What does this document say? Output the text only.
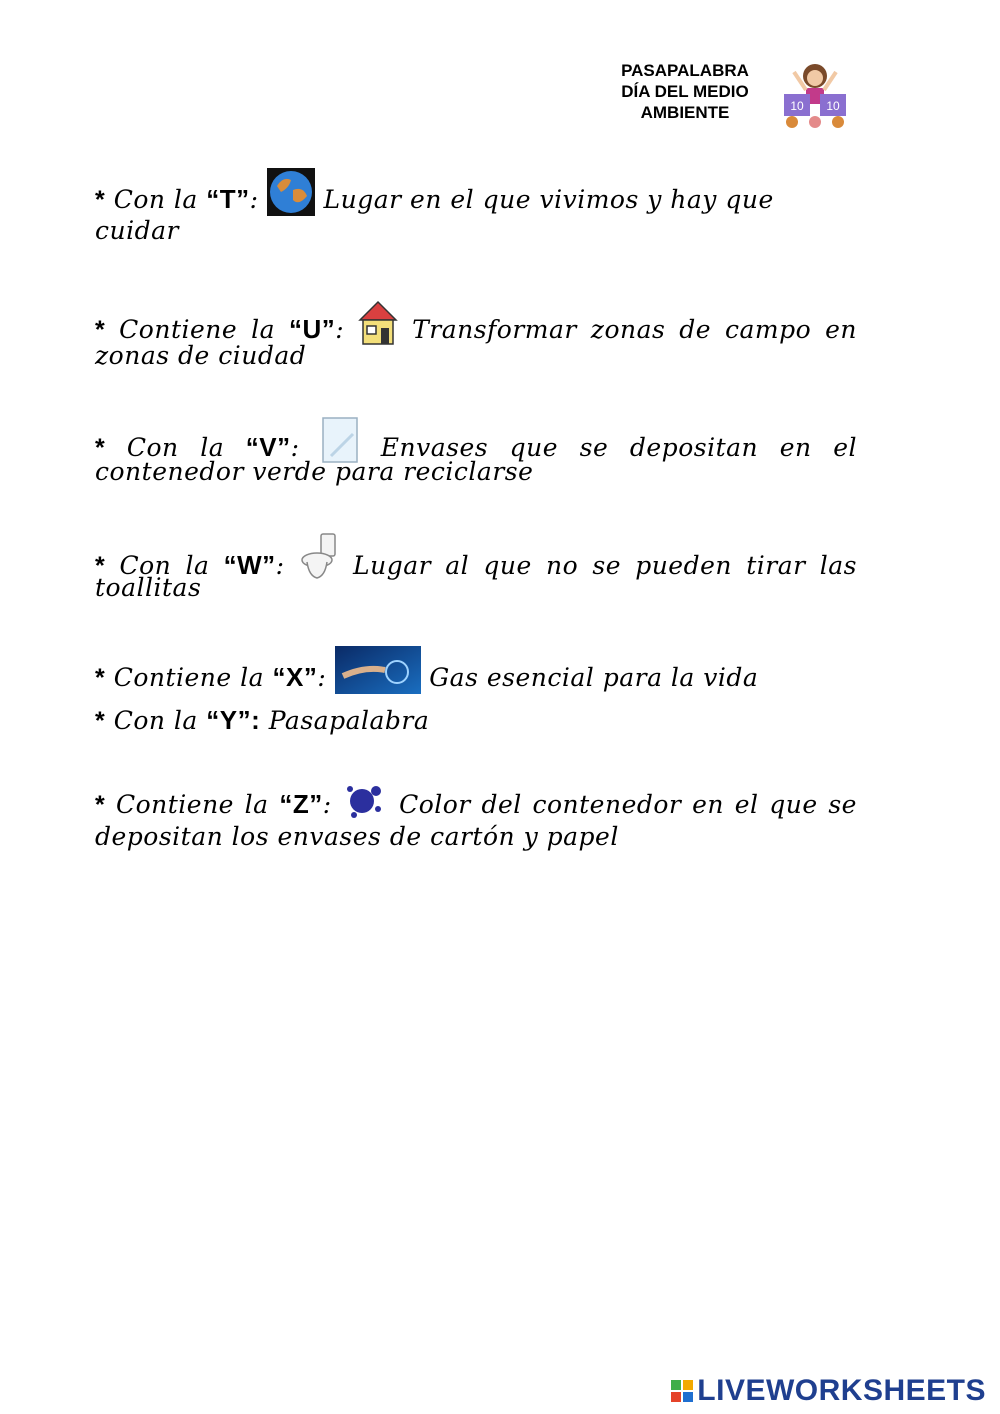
PASAPALABRA
DÍA DEL MEDIO
AMBIENTE	10 10
* Con la “T”:	Lugar en el que vivimos y hay que cuidar
* Contiene la “U”:	Transformar zonas de campo en
zonas de ciudad
* Con la “V”:	Envases que se depositan en el
contenedor verde para reciclarse
* Con la “W”:	Lugar al que no se pueden tirar las
toallitas
* Contiene la “X”:	Gas esencial para la vida
* Con la “Y”: Pasapalabra
* Contiene la “Z”:	Color del contenedor en el que se
depositan los envases de cartón y papel
LIVEWORKSHEETS
